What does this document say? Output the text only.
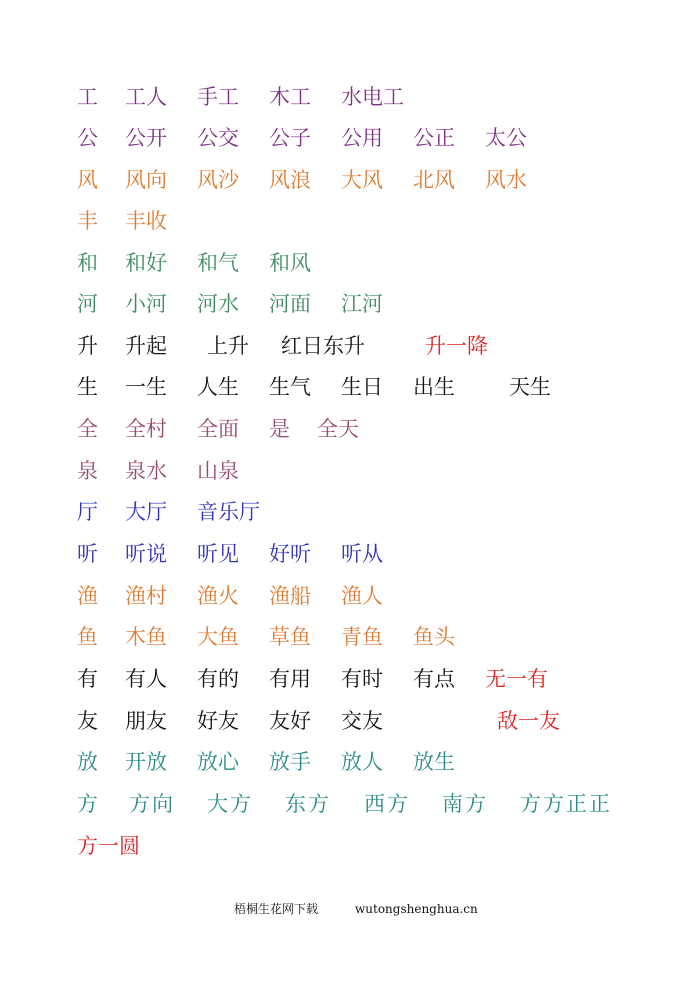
工 工人 手工 木工 水电工
公 公开 公交 公子 公用 公正 太公
风 风向 风沙 风浪 大风 北风 风水
丰 丰收
和 和好 和气 和风
河 小河 河水 河面 江河
升 升起 上升 红日东升	升一降
生 一生 人生 生气 生日 出生	天生
全 全村 全面 是 全天
泉 泉水 山泉
厅 大厅 音乐厅
听 听说 听见 好听 听从
渔 渔村 渔火 渔船 渔人
鱼 木鱼 大鱼 草鱼 青鱼 鱼头
有 有人 有的 有用 有时 有点 无一有
友 朋友 好友 友好 交友	敌一友
放 开放 放心 放手 放人 放生
方 方向 大方 东方 西方 南方 方方正正
方一圆
梧桐生花网下载	wutongshenghua.cn
